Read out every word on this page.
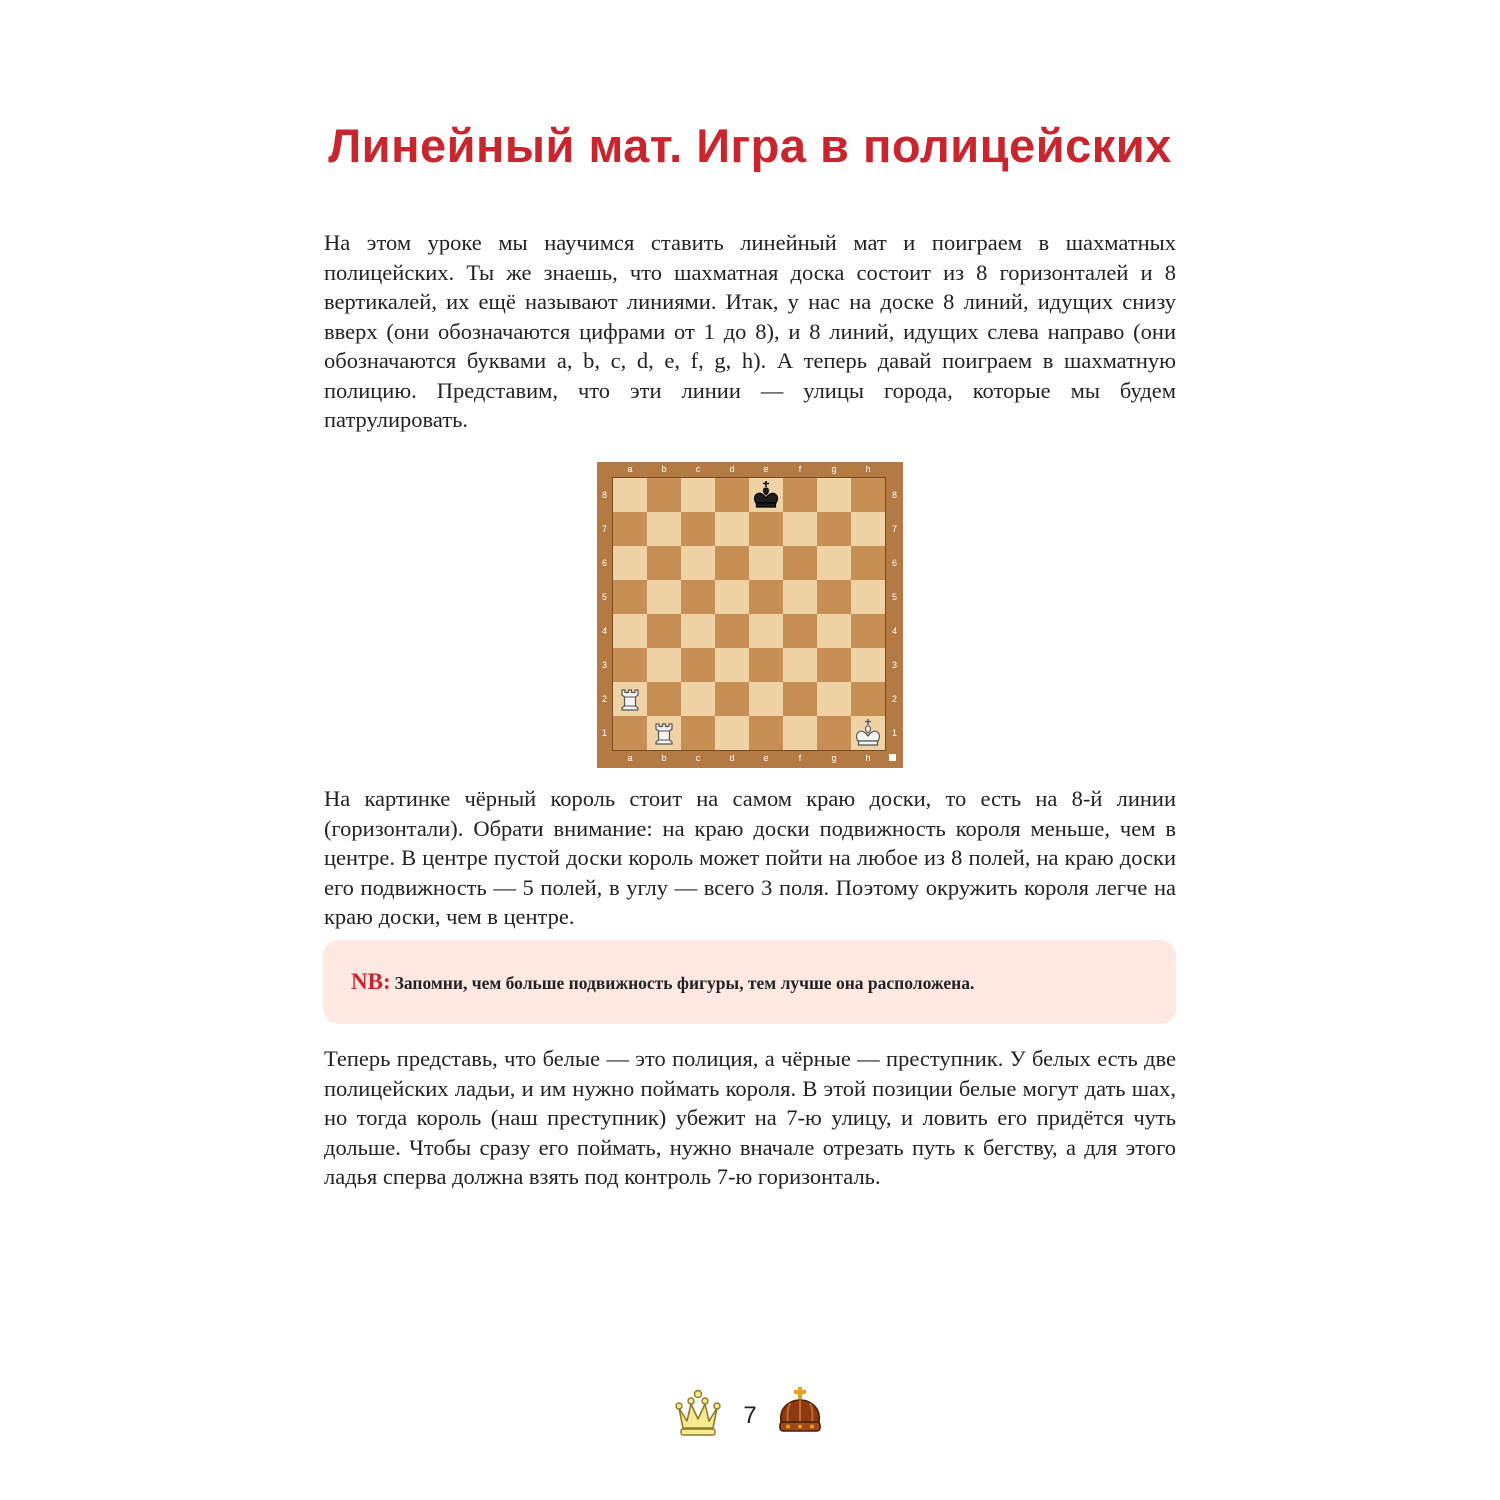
Линейный мат. Игра в полицейских

На этом уроке мы научимся ставить линейный мат и поиграем в шахматных полицейских. Ты же знаешь, что шахматная доска состоит из 8 горизонталей и 8 вертикалей, их ещё называют линиями. Итак, у нас на доске 8 линий, идущих снизу вверх (они обозначаются цифрами от 1 до 8), и 8 линий, идущих слева направо (они обозначаются буквами a, b, c, d, e, f, g, h). А теперь давай поиграем в шахматную полицию. Представим, что эти линии — улицы города, которые мы будем патрулировать.

a
a
b
b
c
c
d
d
e
e
f
f
g
g
h
h
8	8
7	7
6	6
5	5
4	4
3	3
2	2
1	1

На картинке чёрный король стоит на самом краю доски, то есть на 8-й линии (горизонтали). Обрати внимание: на краю доски подвижность короля меньше, чем в центре. В центре пустой доски король может пойти на любое из 8 полей, на краю доски его подвижность — 5 полей, в углу — всего 3 поля. Поэтому окружить короля легче на краю доски, чем в центре.

NB: Запомни, чем больше подвижность фигуры, тем лучше она расположена.

Теперь представь, что белые — это полиция, а чёрные — преступник. У белых есть две полицейских ладьи, и им нужно поймать короля. В этой позиции белые могут дать шах, но тогда король (наш преступник) убежит на 7-ю улицу, и ловить его придётся чуть дольше. Чтобы сразу его поймать, нужно вначале отрезать путь к бегству, а для этого ладья сперва должна взять под контроль 7-ю горизонталь.

7
